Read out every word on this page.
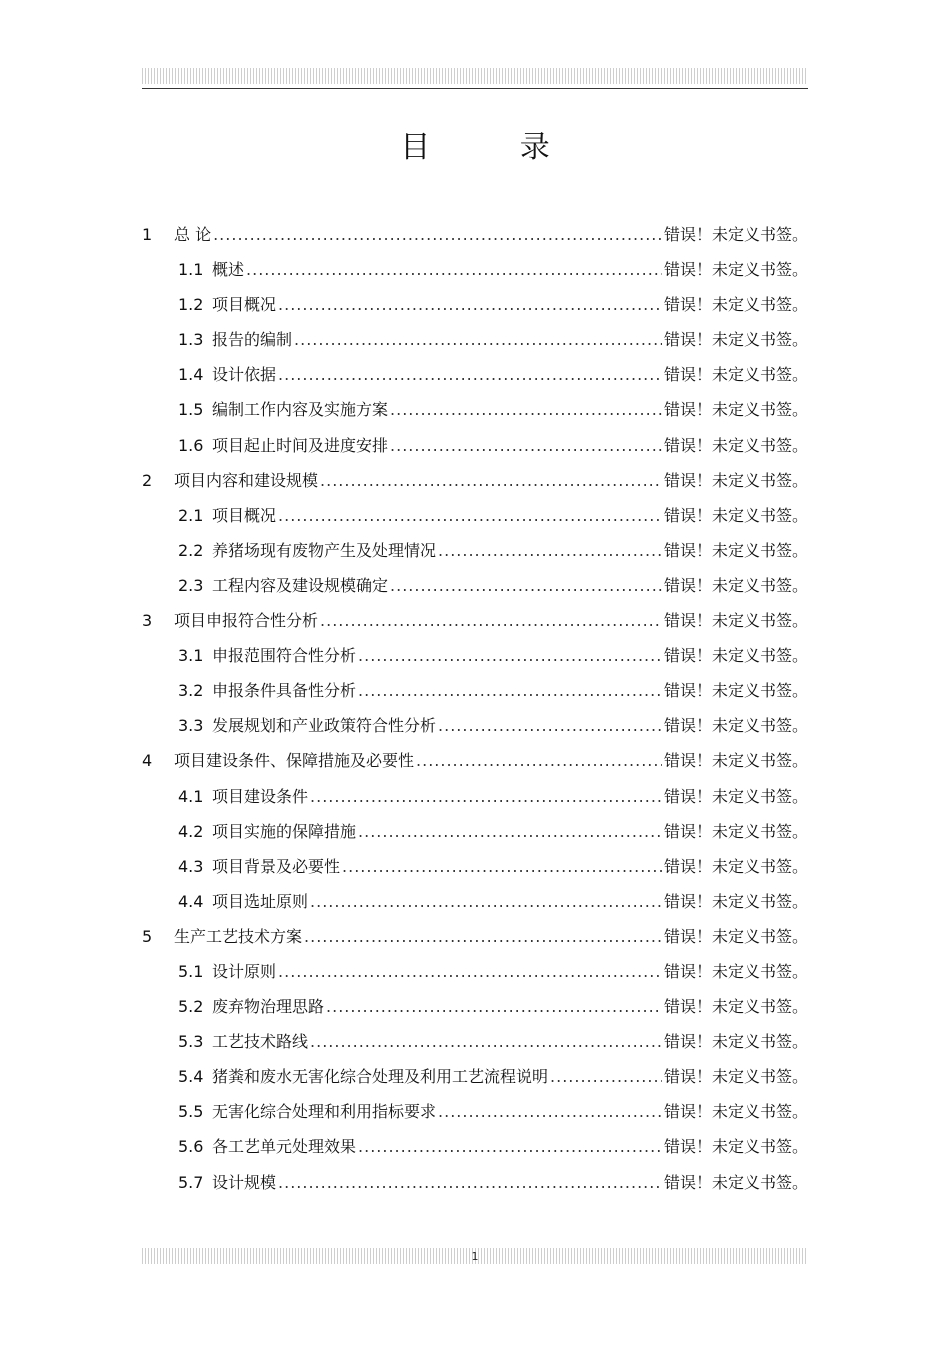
目 录
1	总 论 .....	错误！未定义书签。
1.1 概述 .....	错误！未定义书签。
1.2 项目概况 .....	错误！未定义书签。
1.3 报告的编制 .....	错误！未定义书签。
1.4 设计依据 .....	错误！未定义书签。
1.5 编制工作内容及实施方案 .....	错误！未定义书签。
1.6 项目起止时间及进度安排 .....	错误！未定义书签。
2	项目内容和建设规模 .....	错误！未定义书签。
2.1 项目概况 .....	错误！未定义书签。
2.2 养猪场现有废物产生及处理情况 .....	错误！未定义书签。
2.3 工程内容及建设规模确定 .....	错误！未定义书签。
3	项目申报符合性分析 .....	错误！未定义书签。
3.1 申报范围符合性分析 .....	错误！未定义书签。
3.2 申报条件具备性分析 .....	错误！未定义书签。
3.3 发展规划和产业政策符合性分析 .....	错误！未定义书签。
4	项目建设条件、保障措施及必要性 .....	错误！未定义书签。
4.1 项目建设条件 .....	错误！未定义书签。
4.2 项目实施的保障措施 .....	错误！未定义书签。
4.3 项目背景及必要性 .....	错误！未定义书签。
4.4 项目选址原则 .....	错误！未定义书签。
5	生产工艺技术方案 .....	错误！未定义书签。
5.1 设计原则 .....	错误！未定义书签。
5.2 废弃物治理思路 .....	错误！未定义书签。
5.3 工艺技术路线 .....	错误！未定义书签。
5.4 猪粪和废水无害化综合处理及利用工艺流程说明 .....	错误！未定义书签。
5.5 无害化综合处理和利用指标要求 .....	错误！未定义书签。
5.6 各工艺单元处理效果 .....	错误！未定义书签。
5.7 设计规模 .....	错误！未定义书签。
1
